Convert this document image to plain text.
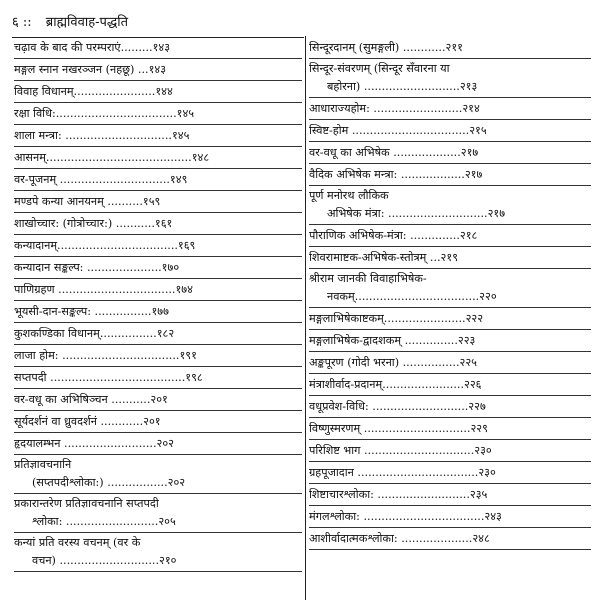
६ :: ब्राह्मविवाह-पद्धति
चढ़ाव के बाद की परम्पराएं.........१४३
मङ्गल स्नान नखरञ्जन (नहछू) ...१४३
विवाह विधानम्.......................१४४
रक्षा विधि:..................................१४५
शाला मन्त्रा: ..............................१४५
आसनम्.........................................१४८
वर-पूजनम् ...............................१४९
मण्डपे कन्या आनयनम् ..........१५९
शाखोच्चार: (गोत्रोच्चार:) ...........१६१
कन्यादानम्..................................१६९
कन्यादान सङ्कल्प: .....................१७०
पाणिग्रहण .................................१७४
भूयसी-दान-सङ्कल्प: ................१७७
कुशकण्डिका विधानम्................१८२
लाजा होम: .................................१९१
सप्तपदी ......................................१९८
वर-वधू का अभिषिञ्चन ...........२०१
सूर्यदर्शनं वा ध्रुवदर्शनं ............२०१
हृदयालम्भन ..........................२०२
प्रतिज्ञावचनानि
(सप्तपदीश्लोका:) .................२०२
प्रकारान्तरेण प्रतिज्ञावचनानि सप्तपदी
श्लोका: ..........................२०५
कन्यां प्रति वरस्य वचनम् (वर के
वचन) ............................२१०
सिन्दूरदानम् (सुमङ्गली) ............२११
सिन्दूर-संवरणम् (सिन्दूर सँवारना या
बहोरना) ...........................२१३
आधाराज्यहोम: .........................२१४
स्विष्ट-होम .................................२१५
वर-वधू का अभिषेक ...................२१७
वैदिक अभिषेक मन्त्रा: ..................२१७
पूर्ण मनोरथ लौकिक
अभिषेक मंत्रा: ............................२१७
पौराणिक अभिषेक-मंत्रा: ..............२१८
शिवरामाष्टक-अभिषेक-स्तोत्रम् ...२१९
श्रीराम जानकी विवाहाभिषेक-
नवकम्...................................२२०
मङ्गलाभिषेकाष्टकम्.......................२२२
मङ्गलाभिषेक-द्वादशकम् ...............२२३
अङ्कपूरण (गोदी भरना) ................२२५
मंत्राशीर्वाद-प्रदानम्.......................२२६
वधूप्रवेश-विधि: ...........................२२७
विष्णुस्मरणम् ..............................२२९
परिशिष्ट भाग ...............................२३०
ग्रहपूजादान ..................................२३०
शिष्टाचारश्लोका: ..........................२३५
मंगलश्लोका: ..................................२४३
आशीर्वादात्मकश्लोका: ....................२४८
